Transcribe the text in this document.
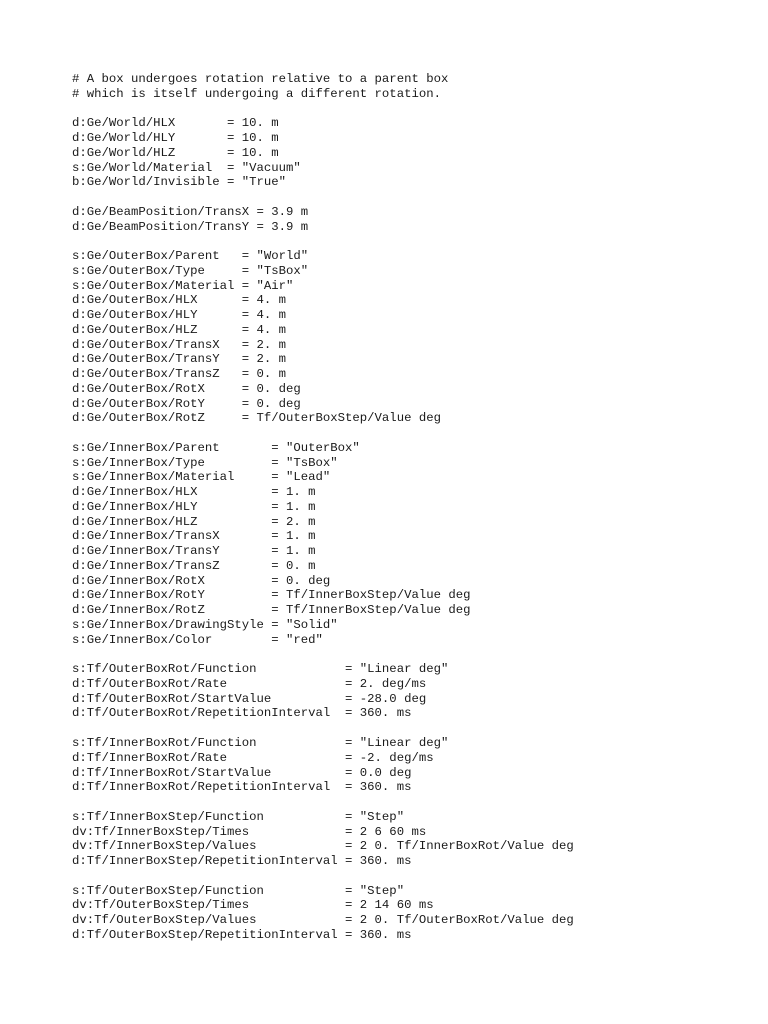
# A box undergoes rotation relative to a parent box
# which is itself undergoing a different rotation.
d:Ge/World/HLX       = 10. m
d:Ge/World/HLY       = 10. m
d:Ge/World/HLZ       = 10. m
s:Ge/World/Material  = "Vacuum"
b:Ge/World/Invisible = "True"
d:Ge/BeamPosition/TransX = 3.9 m
d:Ge/BeamPosition/TransY = 3.9 m
s:Ge/OuterBox/Parent   = "World"
s:Ge/OuterBox/Type     = "TsBox"
s:Ge/OuterBox/Material = "Air"
d:Ge/OuterBox/HLX      = 4. m
d:Ge/OuterBox/HLY      = 4. m
d:Ge/OuterBox/HLZ      = 4. m
d:Ge/OuterBox/TransX   = 2. m
d:Ge/OuterBox/TransY   = 2. m
d:Ge/OuterBox/TransZ   = 0. m
d:Ge/OuterBox/RotX     = 0. deg
d:Ge/OuterBox/RotY     = 0. deg
d:Ge/OuterBox/RotZ     = Tf/OuterBoxStep/Value deg
s:Ge/InnerBox/Parent       = "OuterBox"
s:Ge/InnerBox/Type         = "TsBox"
s:Ge/InnerBox/Material     = "Lead"
d:Ge/InnerBox/HLX          = 1. m
d:Ge/InnerBox/HLY          = 1. m
d:Ge/InnerBox/HLZ          = 2. m
d:Ge/InnerBox/TransX       = 1. m
d:Ge/InnerBox/TransY       = 1. m
d:Ge/InnerBox/TransZ       = 0. m
d:Ge/InnerBox/RotX         = 0. deg
d:Ge/InnerBox/RotY         = Tf/InnerBoxStep/Value deg
d:Ge/InnerBox/RotZ         = Tf/InnerBoxStep/Value deg
s:Ge/InnerBox/DrawingStyle = "Solid"
s:Ge/InnerBox/Color        = "red"
s:Tf/OuterBoxRot/Function            = "Linear deg"
d:Tf/OuterBoxRot/Rate                = 2. deg/ms
d:Tf/OuterBoxRot/StartValue          = -28.0 deg
d:Tf/OuterBoxRot/RepetitionInterval  = 360. ms
s:Tf/InnerBoxRot/Function            = "Linear deg"
d:Tf/InnerBoxRot/Rate                = -2. deg/ms
d:Tf/InnerBoxRot/StartValue          = 0.0 deg
d:Tf/InnerBoxRot/RepetitionInterval  = 360. ms
s:Tf/InnerBoxStep/Function           = "Step"
dv:Tf/InnerBoxStep/Times             = 2 6 60 ms
dv:Tf/InnerBoxStep/Values            = 2 0. Tf/InnerBoxRot/Value deg
d:Tf/InnerBoxStep/RepetitionInterval = 360. ms
s:Tf/OuterBoxStep/Function           = "Step"
dv:Tf/OuterBoxStep/Times             = 2 14 60 ms
dv:Tf/OuterBoxStep/Values            = 2 0. Tf/OuterBoxRot/Value deg
d:Tf/OuterBoxStep/RepetitionInterval = 360. ms
